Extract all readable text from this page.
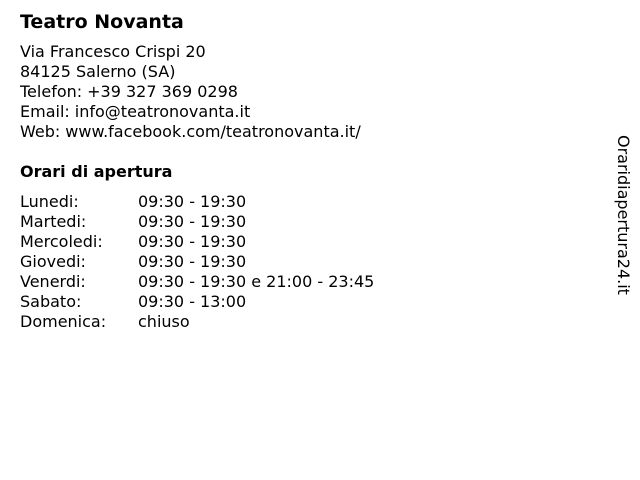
Teatro Novanta
Via Francesco Crispi 20
84125 Salerno (SA)
Telefon: +39 327 369 0298
Email: info@teatronovanta.it
Web: www.facebook.com/teatronovanta.it/
Orari di apertura
Lunedi:	09:30 - 19:30
Martedi:	09:30 - 19:30
Mercoledi:	09:30 - 19:30
Giovedi:	09:30 - 19:30
Venerdi:	09:30 - 19:30 e 21:00 - 23:45
Sabato:	09:30 - 13:00
Domenica:	chiuso
Oraridiapertura24.it
